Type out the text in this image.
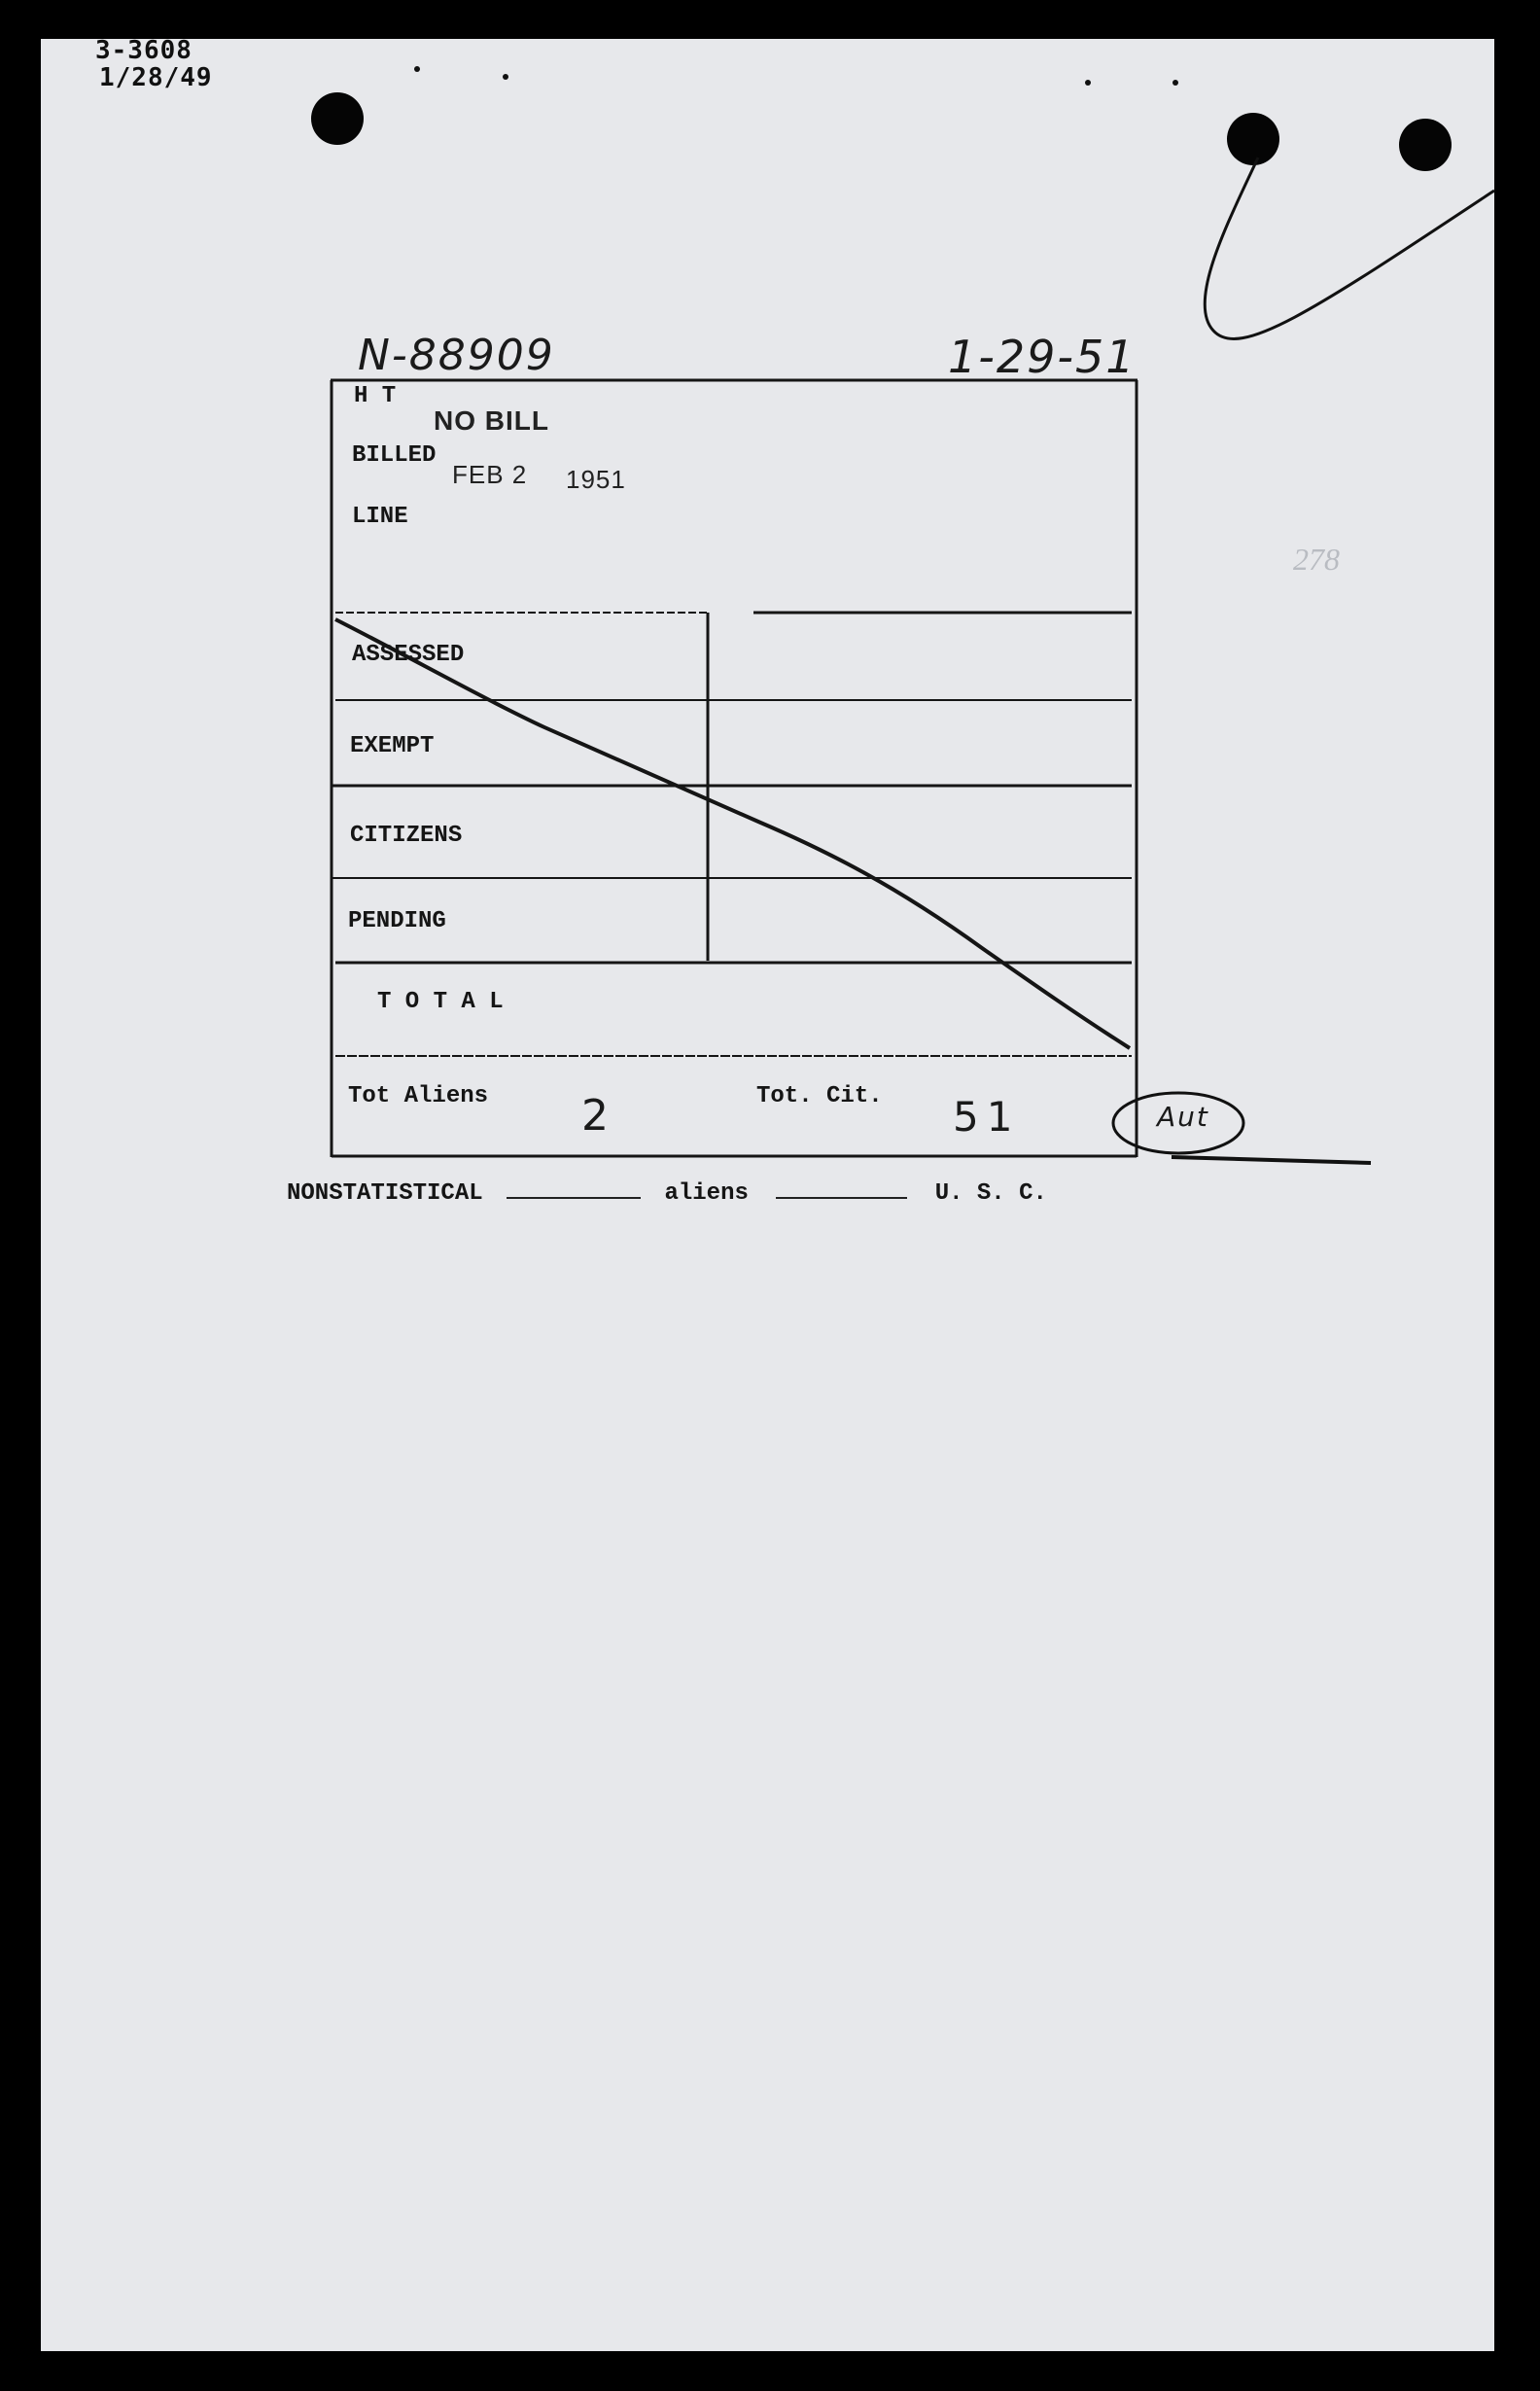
3-3608
1/28/49
N-88909	1-29-51
NO BILL
FEB 2 1951
278
H T
BILLED
LINE
ASSESSED
EXEMPT
CITIZENS
PENDING
T O T A L
Tot Aliens 2	Tot. Cit. 51	Aut
NONSTATISTICAL	aliens	U. S. C.
